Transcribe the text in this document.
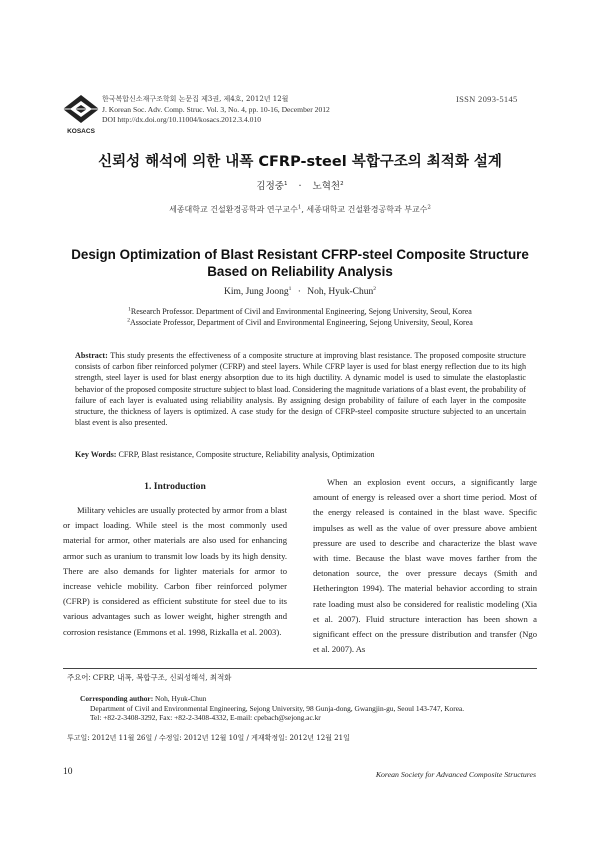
KOSACS
한국복합신소재구조학회 논문집 제3권, 제4호, 2012년 12월
J. Korean Soc. Adv. Comp. Struc. Vol. 3, No. 4, pp. 10-16, December 2012
DOI http://dx.doi.org/10.11004/kosacs.2012.3.4.010
ISSN 2093-5145
신뢰성 해석에 의한 내폭 CFRP-steel 복합구조의 최적화 설계
김정중$^1$ · 노혁천$^2$
세종대학교 건설환경공학과 연구교수$^1$, 세종대학교 건설환경공학과 부교수$^2$
Design Optimization of Blast Resistant CFRP-steel Composite Structure
Based on Reliability Analysis
Kim, Jung Joong$^1$ · Noh, Hyuk-Chun$^2$
$^1$Research Professor. Department of Civil and Environmental Engineering, Sejong University, Seoul, Korea
$^2$Associate Professor, Department of Civil and Environmental Engineering, Sejong University, Seoul, Korea
Abstract: This study presents the effectiveness of a composite structure at improving blast resistance. The proposed composite structure consists of carbon fiber reinforced polymer (CFRP) and steel layers. While CFRP layer is used for blast energy reflection due to its high strength, steel layer is used for blast energy absorption due to its high ductility. A dynamic model is used to simulate the elastoplastic behavior of the proposed composite structure subject to blast load. Considering the magnitude variations of a blast event, the probability of failure of each layer is evaluated using reliability analysis. By assigning design probability of failure of each layer in the composite structure, the thickness of layers is optimized. A case study for the design of CFRP-steel composite structure subjected to an uncertain blast event is also presented.
Key Words: CFRP, Blast resistance, Composite structure, Reliability analysis, Optimization
1. Introduction
Military vehicles are usually protected by armor from a blast or impact loading. While steel is the most commonly used material for armor, other materials are also used for enhancing armor such as uranium to transmit low loads by its high density. There are also demands for lighter materials for armor to increase vehicle mobility. Carbon fiber reinforced polymer (CFRP) is considered as efficient substitute for steel due to its various advantages such as lower weight, higher strength and corrosion resistance (Emmons et al. 1998, Rizkalla et al. 2003).
When an explosion event occurs, a significantly large amount of energy is released over a short time period. Most of the energy released is contained in the blast wave. Specific impulses as well as the value of over pressure above ambient pressure are used to describe and characterize the blast wave with time. Because the blast wave moves farther from the detonation source, the over pressure decays (Smith and Hetherington 1994). The material behavior according to strain rate loading must also be considered for realistic modeling (Xia et al. 2007). Fluid structure interaction has been shown a significant effect on the pressure distribution and transfer (Ngo et al. 2007). As
주요어: CFRP, 내폭, 복합구조, 신뢰성해석, 최적화
Corresponding author: Noh, Hyuk-Chun
Department of Civil and Environmental Engineering, Sejong University, 98 Gunja-dong, Gwangjin-gu, Seoul 143-747, Korea.
Tel: +82-2-3408-3292, Fax: +82-2-3408-4332, E-mail: cpebach@sejong.ac.kr
투고일: 2012년 11월 26일 / 수정일: 2012년 12월 10일 / 게재확정일: 2012년 12월 21일
10	Korean Society for Advanced Composite Structures
